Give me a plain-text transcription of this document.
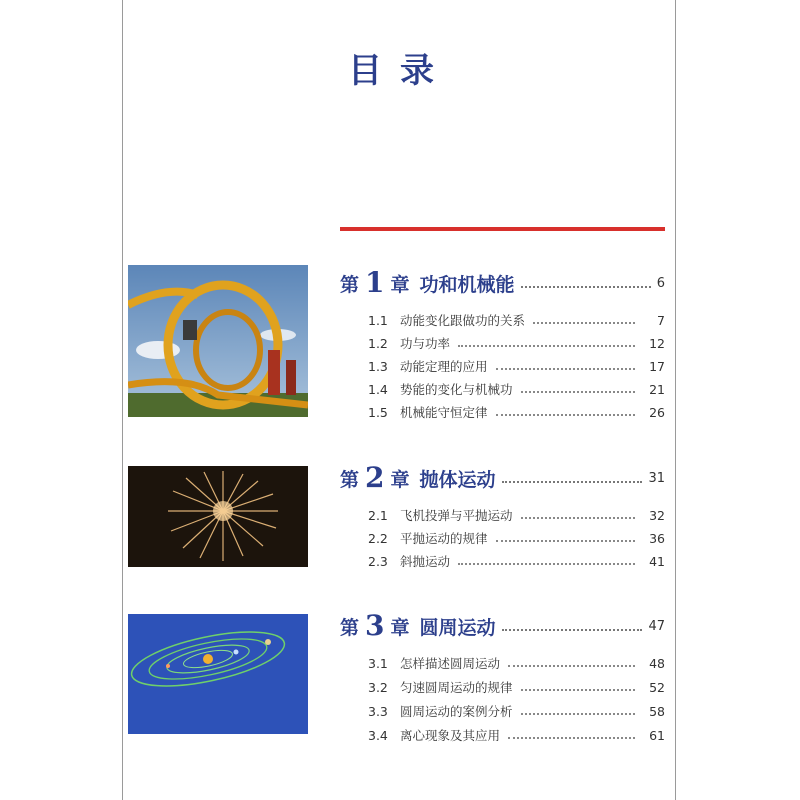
目录
第 1 章 功和机械能	6
1.1 动能变化跟做功的关系	7
1.2 功与功率	12
1.3 动能定理的应用	17
1.4 势能的变化与机械功	21
1.5 机械能守恒定律	26
第 2 章 抛体运动	31
2.1 飞机投弹与平抛运动	32
2.2 平抛运动的规律	36
2.3 斜抛运动	41
第 3 章 圆周运动	47
3.1 怎样描述圆周运动	48
3.2 匀速圆周运动的规律	52
3.3 圆周运动的案例分析	58
3.4 离心现象及其应用	61
